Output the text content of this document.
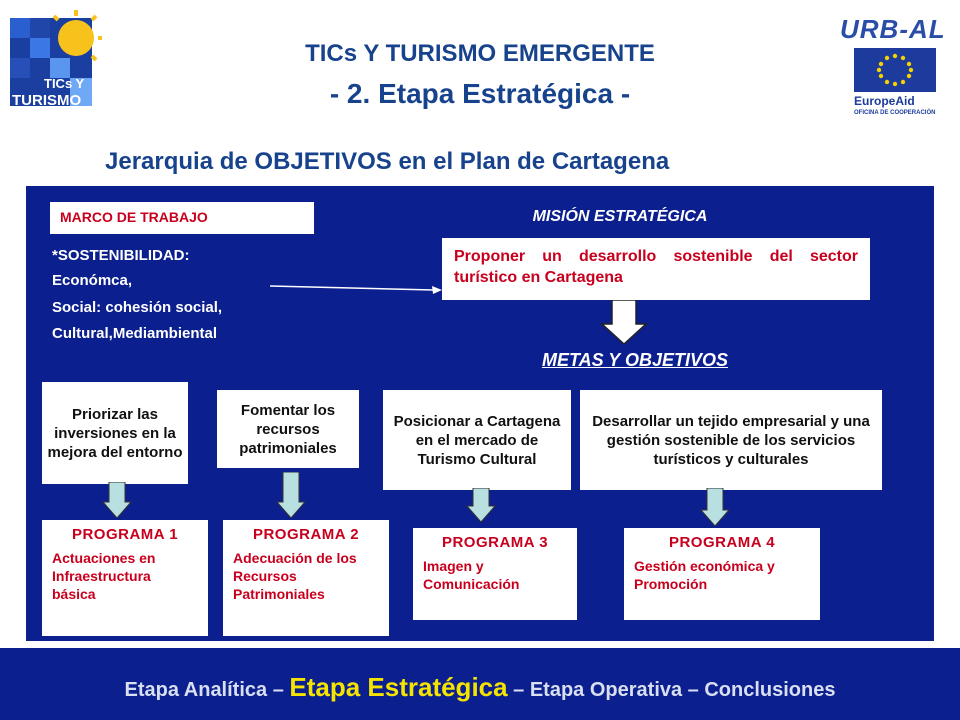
TICs Y
TURISMO
TICs Y TURISMO EMERGENTE
- 2. Etapa Estratégica -
URB-AL
EuropeAid
OFICINA DE COOPERACIÓN
Jerarquia de OBJETIVOS en el Plan de Cartagena
MARCO DE TRABAJO
*SOSTENIBILIDAD:
Económca,
Social: cohesión social,
Cultural,Mediambiental
MISIÓN ESTRATÉGICA
Proponer un desarrollo sostenible del sector turístico en Cartagena
METAS Y OBJETIVOS
Priorizar las inversiones en la mejora del entorno
Fomentar los recursos patrimoniales
Posicionar a Cartagena en el mercado de Turismo Cultural
Desarrollar un tejido empresarial y una gestión sostenible de los servicios turísticos y culturales
PROGRAMA 1
Actuaciones en Infraestructura básica
PROGRAMA 2
Adecuación de los Recursos Patrimoniales
PROGRAMA 3
Imagen y Comunicación
PROGRAMA 4
Gestión económica y Promoción
Etapa Analítica – Etapa Estratégica – Etapa Operativa – Conclusiones
